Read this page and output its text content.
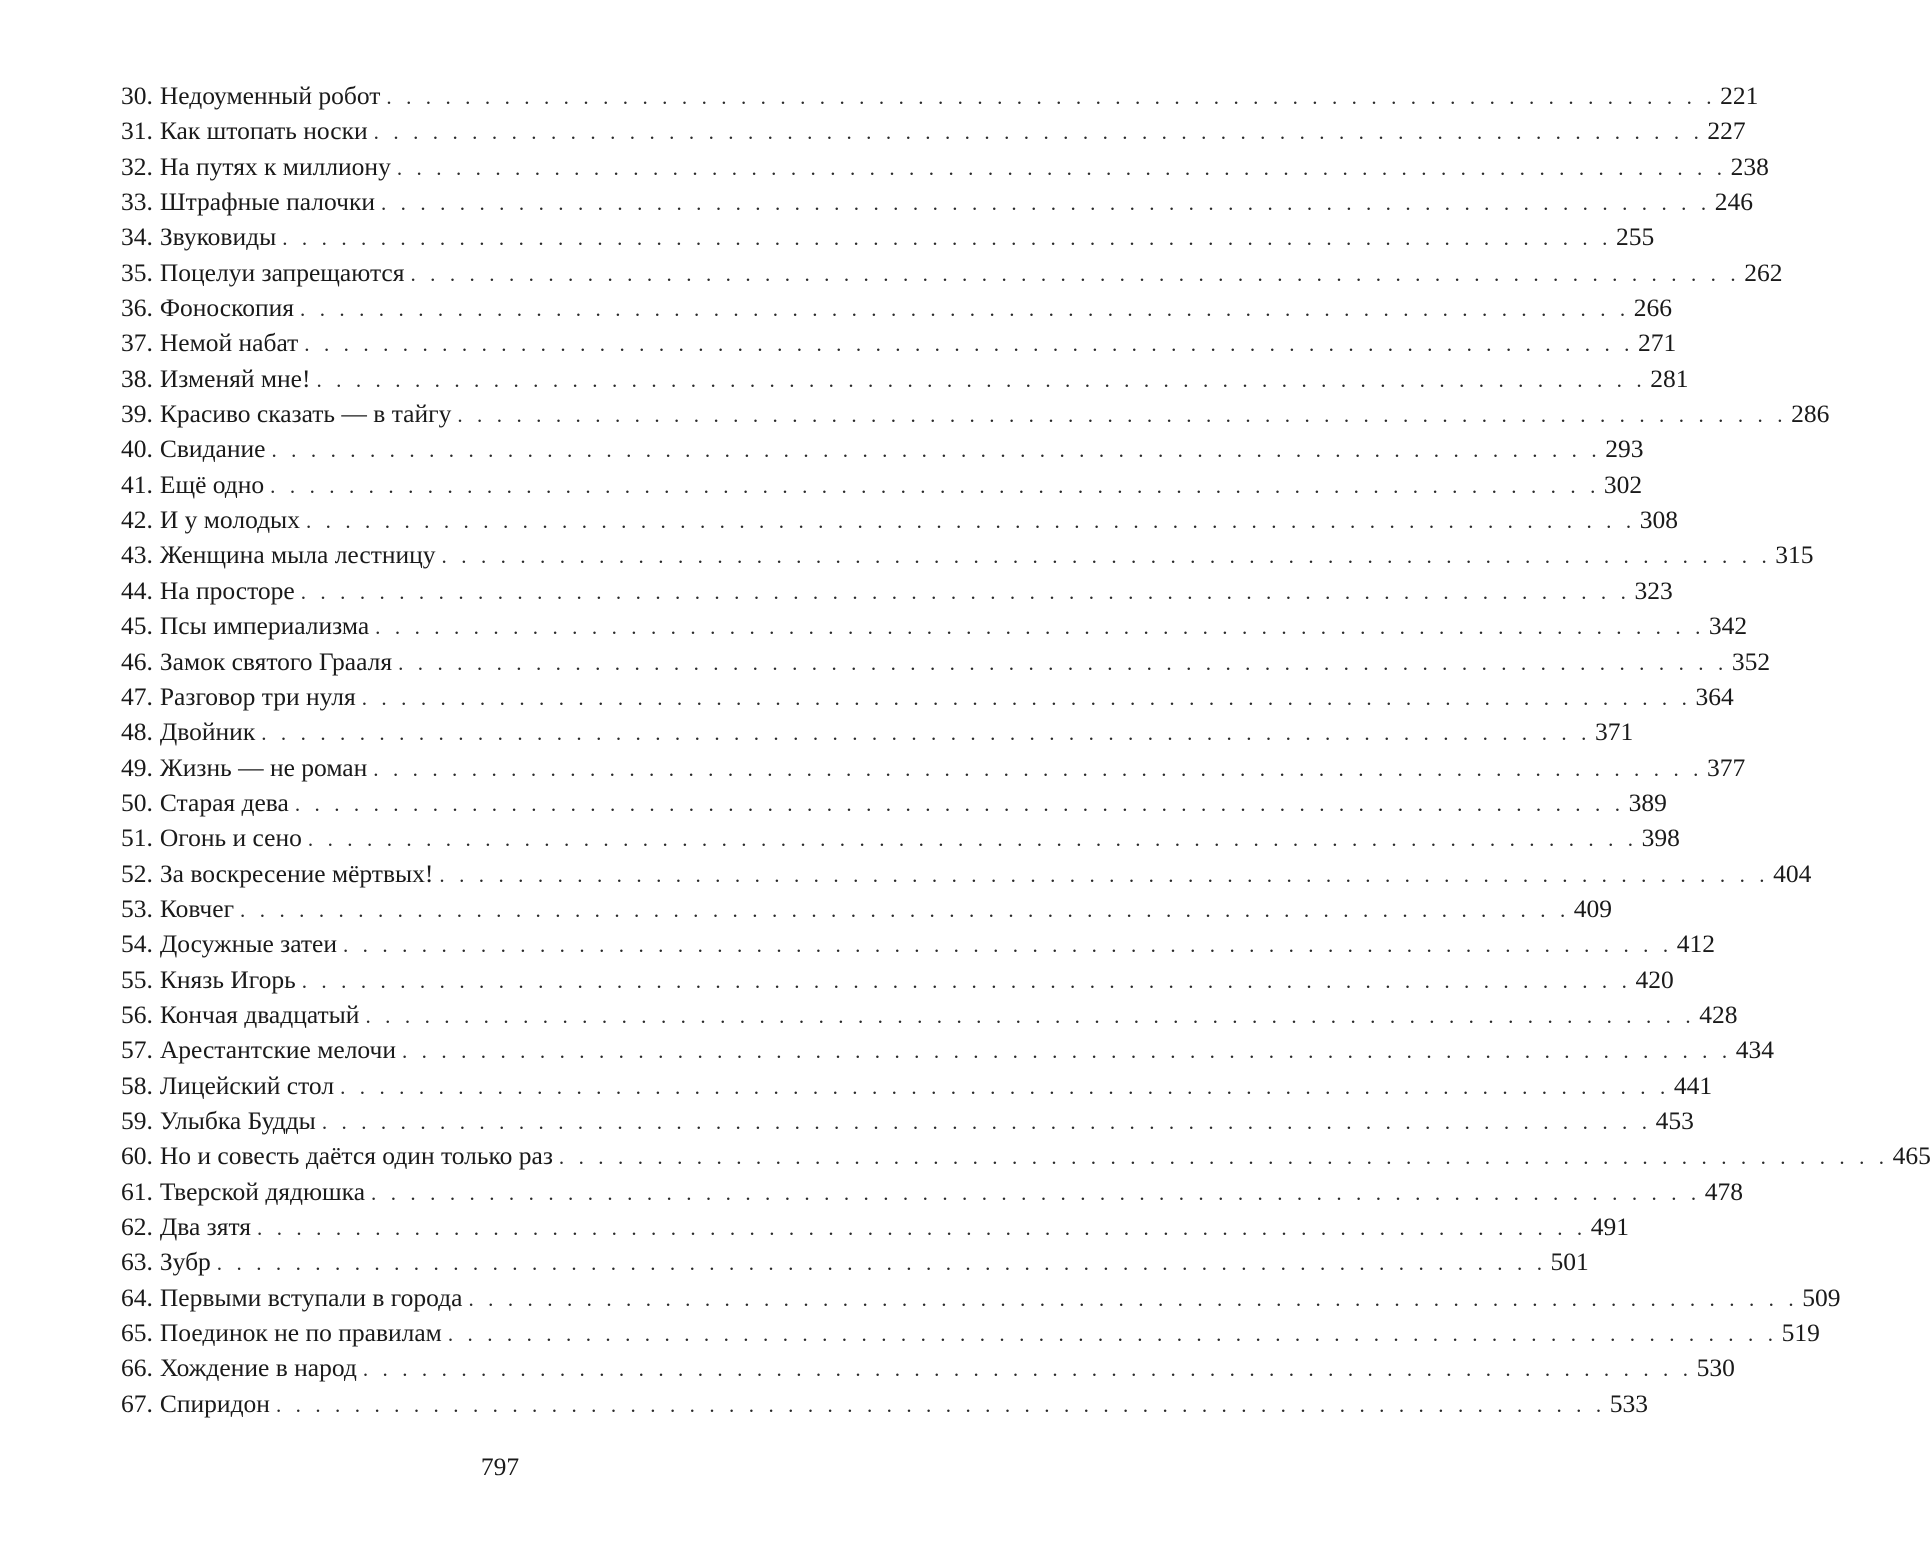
30. Недоуменный робот . . . . . . . . . . . . . . . . . . . . . . . . . . . . . . . . . . . . . . . . . . . . . . . . . . . . . . . . . . . . . . . . . . . . 221
31. Как штопать носки . . . . . . . . . . . . . . . . . . . . . . . . . . . . . . . . . . . . . . . . . . . . . . . . . . . . . . . . . . . . . . . . . . . . 227
32. На путях к миллиону . . . . . . . . . . . . . . . . . . . . . . . . . . . . . . . . . . . . . . . . . . . . . . . . . . . . . . . . . . . . . . . . . . . . 238
33. Штрафные палочки . . . . . . . . . . . . . . . . . . . . . . . . . . . . . . . . . . . . . . . . . . . . . . . . . . . . . . . . . . . . . . . . . . . . 246
34. Звуковиды . . . . . . . . . . . . . . . . . . . . . . . . . . . . . . . . . . . . . . . . . . . . . . . . . . . . . . . . . . . . . . . . . . . . 255
35. Поцелуи запрещаются . . . . . . . . . . . . . . . . . . . . . . . . . . . . . . . . . . . . . . . . . . . . . . . . . . . . . . . . . . . . . . . . . . . . 262
36. Фоноскопия . . . . . . . . . . . . . . . . . . . . . . . . . . . . . . . . . . . . . . . . . . . . . . . . . . . . . . . . . . . . . . . . . . . . 266
37. Немой набат . . . . . . . . . . . . . . . . . . . . . . . . . . . . . . . . . . . . . . . . . . . . . . . . . . . . . . . . . . . . . . . . . . . . 271
38. Изменяй мне! . . . . . . . . . . . . . . . . . . . . . . . . . . . . . . . . . . . . . . . . . . . . . . . . . . . . . . . . . . . . . . . . . . . . 281
39. Красиво сказать — в тайгу . . . . . . . . . . . . . . . . . . . . . . . . . . . . . . . . . . . . . . . . . . . . . . . . . . . . . . . . . . . . . . . . . . . . 286
40. Свидание . . . . . . . . . . . . . . . . . . . . . . . . . . . . . . . . . . . . . . . . . . . . . . . . . . . . . . . . . . . . . . . . . . . . 293
41. Ещё одно . . . . . . . . . . . . . . . . . . . . . . . . . . . . . . . . . . . . . . . . . . . . . . . . . . . . . . . . . . . . . . . . . . . . 302
42. И у молодых . . . . . . . . . . . . . . . . . . . . . . . . . . . . . . . . . . . . . . . . . . . . . . . . . . . . . . . . . . . . . . . . . . . . 308
43. Женщина мыла лестницу . . . . . . . . . . . . . . . . . . . . . . . . . . . . . . . . . . . . . . . . . . . . . . . . . . . . . . . . . . . . . . . . . . . . 315
44. На просторе . . . . . . . . . . . . . . . . . . . . . . . . . . . . . . . . . . . . . . . . . . . . . . . . . . . . . . . . . . . . . . . . . . . . 323
45. Псы империализма . . . . . . . . . . . . . . . . . . . . . . . . . . . . . . . . . . . . . . . . . . . . . . . . . . . . . . . . . . . . . . . . . . . . 342
46. Замок святого Грааля . . . . . . . . . . . . . . . . . . . . . . . . . . . . . . . . . . . . . . . . . . . . . . . . . . . . . . . . . . . . . . . . . . . . 352
47. Разговор три нуля . . . . . . . . . . . . . . . . . . . . . . . . . . . . . . . . . . . . . . . . . . . . . . . . . . . . . . . . . . . . . . . . . . . . 364
48. Двойник . . . . . . . . . . . . . . . . . . . . . . . . . . . . . . . . . . . . . . . . . . . . . . . . . . . . . . . . . . . . . . . . . . . . 371
49. Жизнь — не роман . . . . . . . . . . . . . . . . . . . . . . . . . . . . . . . . . . . . . . . . . . . . . . . . . . . . . . . . . . . . . . . . . . . . 377
50. Старая дева . . . . . . . . . . . . . . . . . . . . . . . . . . . . . . . . . . . . . . . . . . . . . . . . . . . . . . . . . . . . . . . . . . . . 389
51. Огонь и сено . . . . . . . . . . . . . . . . . . . . . . . . . . . . . . . . . . . . . . . . . . . . . . . . . . . . . . . . . . . . . . . . . . . . 398
52. За воскресение мёртвых! . . . . . . . . . . . . . . . . . . . . . . . . . . . . . . . . . . . . . . . . . . . . . . . . . . . . . . . . . . . . . . . . . . . . 404
53. Ковчег . . . . . . . . . . . . . . . . . . . . . . . . . . . . . . . . . . . . . . . . . . . . . . . . . . . . . . . . . . . . . . . . . . . . 409
54. Досужные затеи . . . . . . . . . . . . . . . . . . . . . . . . . . . . . . . . . . . . . . . . . . . . . . . . . . . . . . . . . . . . . . . . . . . . 412
55. Князь Игорь . . . . . . . . . . . . . . . . . . . . . . . . . . . . . . . . . . . . . . . . . . . . . . . . . . . . . . . . . . . . . . . . . . . . 420
56. Кончая двадцатый . . . . . . . . . . . . . . . . . . . . . . . . . . . . . . . . . . . . . . . . . . . . . . . . . . . . . . . . . . . . . . . . . . . . 428
57. Арестантские мелочи . . . . . . . . . . . . . . . . . . . . . . . . . . . . . . . . . . . . . . . . . . . . . . . . . . . . . . . . . . . . . . . . . . . . 434
58. Лицейский стол . . . . . . . . . . . . . . . . . . . . . . . . . . . . . . . . . . . . . . . . . . . . . . . . . . . . . . . . . . . . . . . . . . . . 441
59. Улыбка Будды . . . . . . . . . . . . . . . . . . . . . . . . . . . . . . . . . . . . . . . . . . . . . . . . . . . . . . . . . . . . . . . . . . . . 453
60. Но и совесть даётся один только раз . . . . . . . . . . . . . . . . . . . . . . . . . . . . . . . . . . . . . . . . . . . . . . . . . . . . . . . . . . . . . . . . . . . . 465
61. Тверской дядюшка . . . . . . . . . . . . . . . . . . . . . . . . . . . . . . . . . . . . . . . . . . . . . . . . . . . . . . . . . . . . . . . . . . . . 478
62. Два зятя . . . . . . . . . . . . . . . . . . . . . . . . . . . . . . . . . . . . . . . . . . . . . . . . . . . . . . . . . . . . . . . . . . . . 491
63. Зубр . . . . . . . . . . . . . . . . . . . . . . . . . . . . . . . . . . . . . . . . . . . . . . . . . . . . . . . . . . . . . . . . . . . . 501
64. Первыми вступали в города . . . . . . . . . . . . . . . . . . . . . . . . . . . . . . . . . . . . . . . . . . . . . . . . . . . . . . . . . . . . . . . . . . . . 509
65. Поединок не по правилам . . . . . . . . . . . . . . . . . . . . . . . . . . . . . . . . . . . . . . . . . . . . . . . . . . . . . . . . . . . . . . . . . . . . 519
66. Хождение в народ . . . . . . . . . . . . . . . . . . . . . . . . . . . . . . . . . . . . . . . . . . . . . . . . . . . . . . . . . . . . . . . . . . . . 530
67. Спиридон . . . . . . . . . . . . . . . . . . . . . . . . . . . . . . . . . . . . . . . . . . . . . . . . . . . . . . . . . . . . . . . . . . . . 533
797
